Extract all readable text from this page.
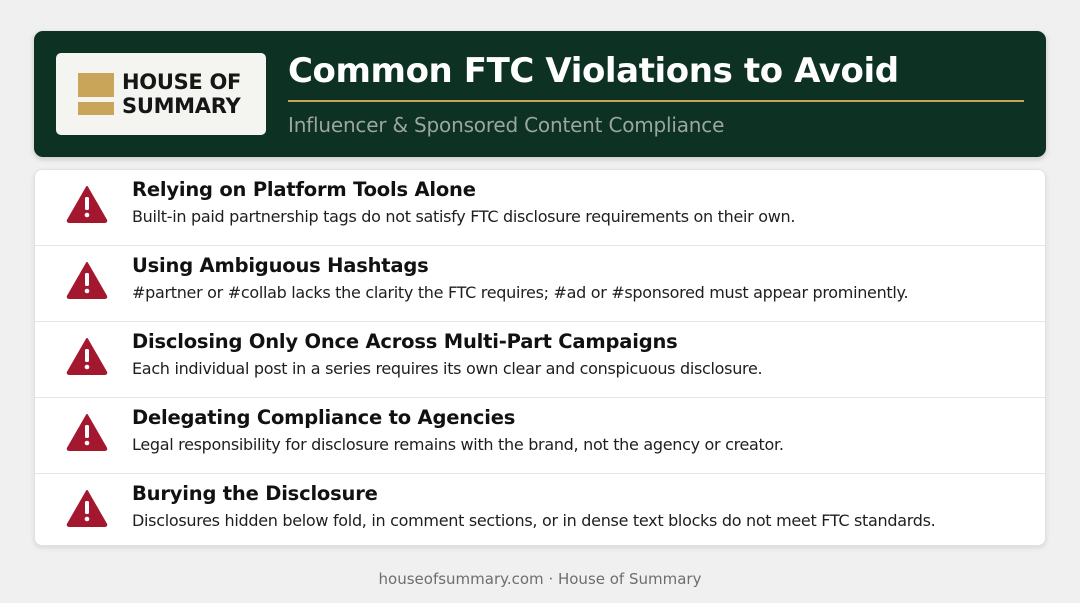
HOUSE OF
SUMMARY
Common FTC Violations to Avoid
Influencer & Sponsored Content Compliance
Relying on Platform Tools Alone
Built-in paid partnership tags do not satisfy FTC disclosure requirements on their own.
Using Ambiguous Hashtags
#partner or #collab lacks the clarity the FTC requires; #ad or #sponsored must appear prominently.
Disclosing Only Once Across Multi-Part Campaigns
Each individual post in a series requires its own clear and conspicuous disclosure.
Delegating Compliance to Agencies
Legal responsibility for disclosure remains with the brand, not the agency or creator.
Burying the Disclosure
Disclosures hidden below fold, in comment sections, or in dense text blocks do not meet FTC standards.
houseofsummary.com · House of Summary
